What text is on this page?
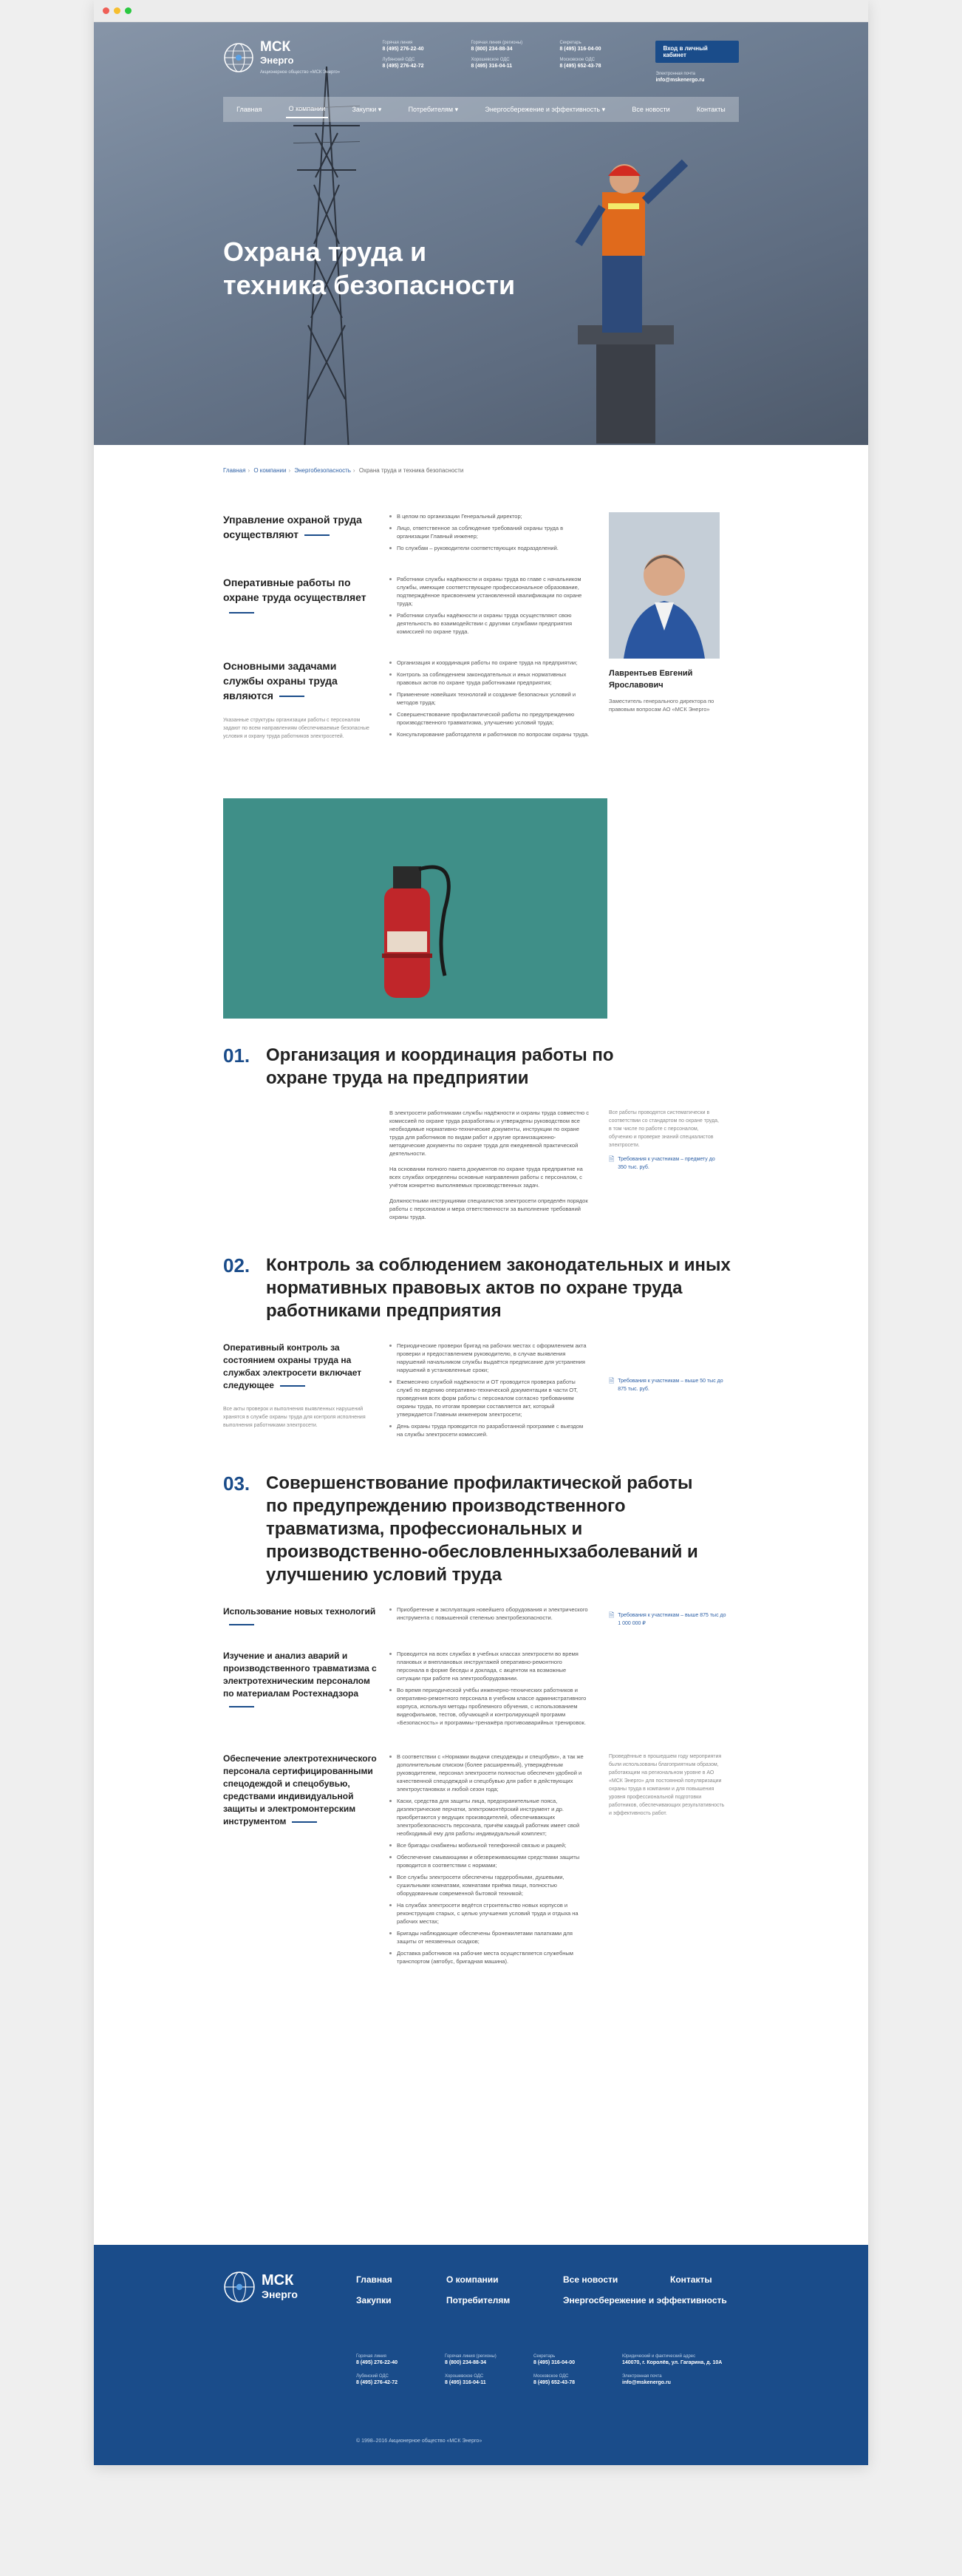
МСК
Энерго
Акционерное общество «МСК Энерго»
Горячая линия
8 (495) 276-22-40
Горячая линия (регионы)
8 (800) 234-88-34
Секретарь
8 (495) 316-04-00
Лубянский ОДС
8 (495) 276-42-72
Хорошевское ОДС
8 (495) 316-04-11
Московское ОДС
8 (495) 652-43-78
Вход в личный кабинет
Электронная почта
info@mskenergo.ru
Главная	О компании	Закупки ▾	Потребителям ▾	Энергосбережение и эффективность ▾	Все новости	Контакты
Охрана труда и техника безопасности
Главная › О компании › Энергобезопасность › Охрана труда и техника безопасности
Управление охраной труда осуществляют
В целом по организации Генеральный директор;
Лицо, ответственное за соблюдение требований охраны труда в организации Главный инженер;
По службам – руководители соответствующих подразделений.
Оперативные работы по охране труда осуществляет
Работники службы надёжности и охраны труда во главе с начальником службы, имеющие соответствующее профессиональное образование, подтверждённое присвоением установленной квалификации по охране труда;
Работники службы надёжности и охраны труда осуществляют свою деятельность во взаимодействии с другими службами предприятия комиссией по охране труда.
Основными задачами службы охраны труда являются
Указанные структуры организации работы с персоналом задают по всем направлениям обеспечиваемые безопасные условия и охрану труда работников электросетей.
Организация и координация работы по охране труда на предприятии;
Контроль за соблюдением законодательных и иных нормативных правовых актов по охране труда работниками предприятия;
Применение новейших технологий и создание безопасных условий и методов труда;
Совершенствование профилактической работы по предупреждению производственного травматизма, улучшению условий труда;
Консультирование работодателя и работников по вопросам охраны труда.
Лаврентьев Евгений Ярославович
Заместитель генерального директора по правовым вопросам АО «МСК Энерго»
01. Организация и координация работы по охране труда на предприятии

В электросети работниками службы надёжности и охраны труда совместно с комиссией по охране труда разработаны и утверждены руководством все необходимые нормативно-технические документы, инструкции по охране труда для работников по видам работ и другие организационно-методические документы по охране труда для ежедневной практической деятельности.

На основании полного пакета документов по охране труда предприятие на всех службах определены основные направления работы с персоналом, с учётом конкретно выполняемых производственных задач.

Должностными инструкциями специалистов электросети определён порядок работы с персоналом и мера ответственности за выполнение требований охраны труда.

Все работы проводятся систематически в соответствии со стандартом по охране труда, в том числе по работе с персоналом, обучению и проверке знаний специалистов электросети.

🗎 Требования к участникам – предмету до 350 тыс. руб.

02. Контроль за соблюдением законодательных и иных нормативных правовых актов по охране труда работниками предприятия
Оперативный контроль за состоянием охраны труда на службах электросети включает следующее
Все акты проверок и выполнения выявленных нарушений хранятся в службе охраны труда для контроля исполнения выполнения работниками электросети.
Периодические проверки бригад на рабочих местах с оформлением акта проверки и предоставлением руководителю, в случае выявления нарушений начальником службы выдаётся предписание для устранения нарушений в установленные сроки;
Ежемесячно службой надёжности и ОТ проводится проверка работы служб по ведению оперативно-технической документации в части ОТ, проведения всех форм работы с персоналом согласно требованиям охраны труда, по итогам проверки составляется акт, который утверждается Главным инженером электросети;
День охраны труда проводится по разработанной программе с выездом на службы электросети комиссией.

🗎 Требования к участникам – выше 50 тыс до 875 тыс. руб.

03. Совершенствование профилактической работы по предупреждению производственного травматизма, профессиональных и производственно-обесловленныхзаболеваний и улучшению условий труда
Использование новых технологий	Приобретение и эксплуатация новейшего оборудования и электрического инструмента с повышенной степенью электробезопасности.	🗎 Требования к участникам – выше 875 тыс до 1 000 000 ₽

Изучение и анализ аварий и производственного травматизма с электротехническим персоналом по материалам Ростехнадзора
Проводится на всех службах в учебных классах электросети во время плановых и внеплановых инструктажей оперативно-ремонтного персонала в форме беседы и доклада, с акцентом на возможные ситуации при работе на электрооборудовании.
Во время периодической учёбы инженерно-технических работников и оперативно-ремонтного персонала в учебном классе административного корпуса, используя методы проблемного обучения, с использованием видеофильмов, тестов, обучающей и контролирующей программ «Безопасность» и программы-тренажёра противоаварийных тренировок.
Обеспечение электротехнического персонала сертифицированными спецодеждой и спецобувью, средствами индивидуальной защиты и электромонтерским инструментом
В соответствии с «Нормами выдачи спецодежды и спецобуви», а так же дополнительным списком (более расширенный), утверждённым руководителем, персонал электросети полностью обеспечен удобной и качественной спецодеждой и спецобувью для работ в действующих электроустановках и любой сезон года;
Каски, средства для защиты лица, предохранительные пояса, диэлектрические перчатки, электромонтёрский инструмент и др. приобретаются у ведущих производителей, обеспечивающих электробезопасность персонала, причём каждый работник имеет свой необходимый ему для работы индивидуальный комплект;
Все бригады снабжены мобильной телефонной связью и рацией;
Обеспечение смывающими и обезвреживающими средствами защиты проводится в соответствии с нормами;
Все службы электросети обеспечены гардеробными, душевыми, сушильными комнатами, комнатами приёма пищи, полностью оборудованным современной бытовой техникой;
На службах электросети ведётся строительство новых корпусов и реконструкция старых, с целью улучшения условий труда и отдыха на рабочих местах;
Бригады наблюдающие обеспечены бронежилетами палатками для защиты от неязвенных осадков;
Доставка работников на рабочие места осуществляется служебным транспортом (автобус, бригадная машина).

Проведённые в прошедшем году мероприятия были использованы благоприятным образом, работающим на региональном уровне в АО «МСК Энерго» для постоянной популяризации охраны труда в компании и для повышения уровня профессиональной подготовки работников, обеспечивающих результативность и эффективность работ.

МСК
Энерго
Главная	О компании	Все новости	Контакты
Закупки	Потребителям	Энергосбережение и эффективность
Горячая линия
8 (495) 276-22-40
Горячая линия (регионы)
8 (800) 234-88-34
Секретарь
8 (495) 316-04-00
Юридический и фактический адрес
140070, г. Королёв, ул. Гагарина, д. 10А
Лубянский ОДС
8 (495) 276-42-72
Хорошевское ОДС
8 (495) 316-04-11
Московское ОДС
8 (495) 652-43-78
Электронная почта
info@mskenergo.ru
© 1998–2016 Акционерное общество «МСК Энерго»
